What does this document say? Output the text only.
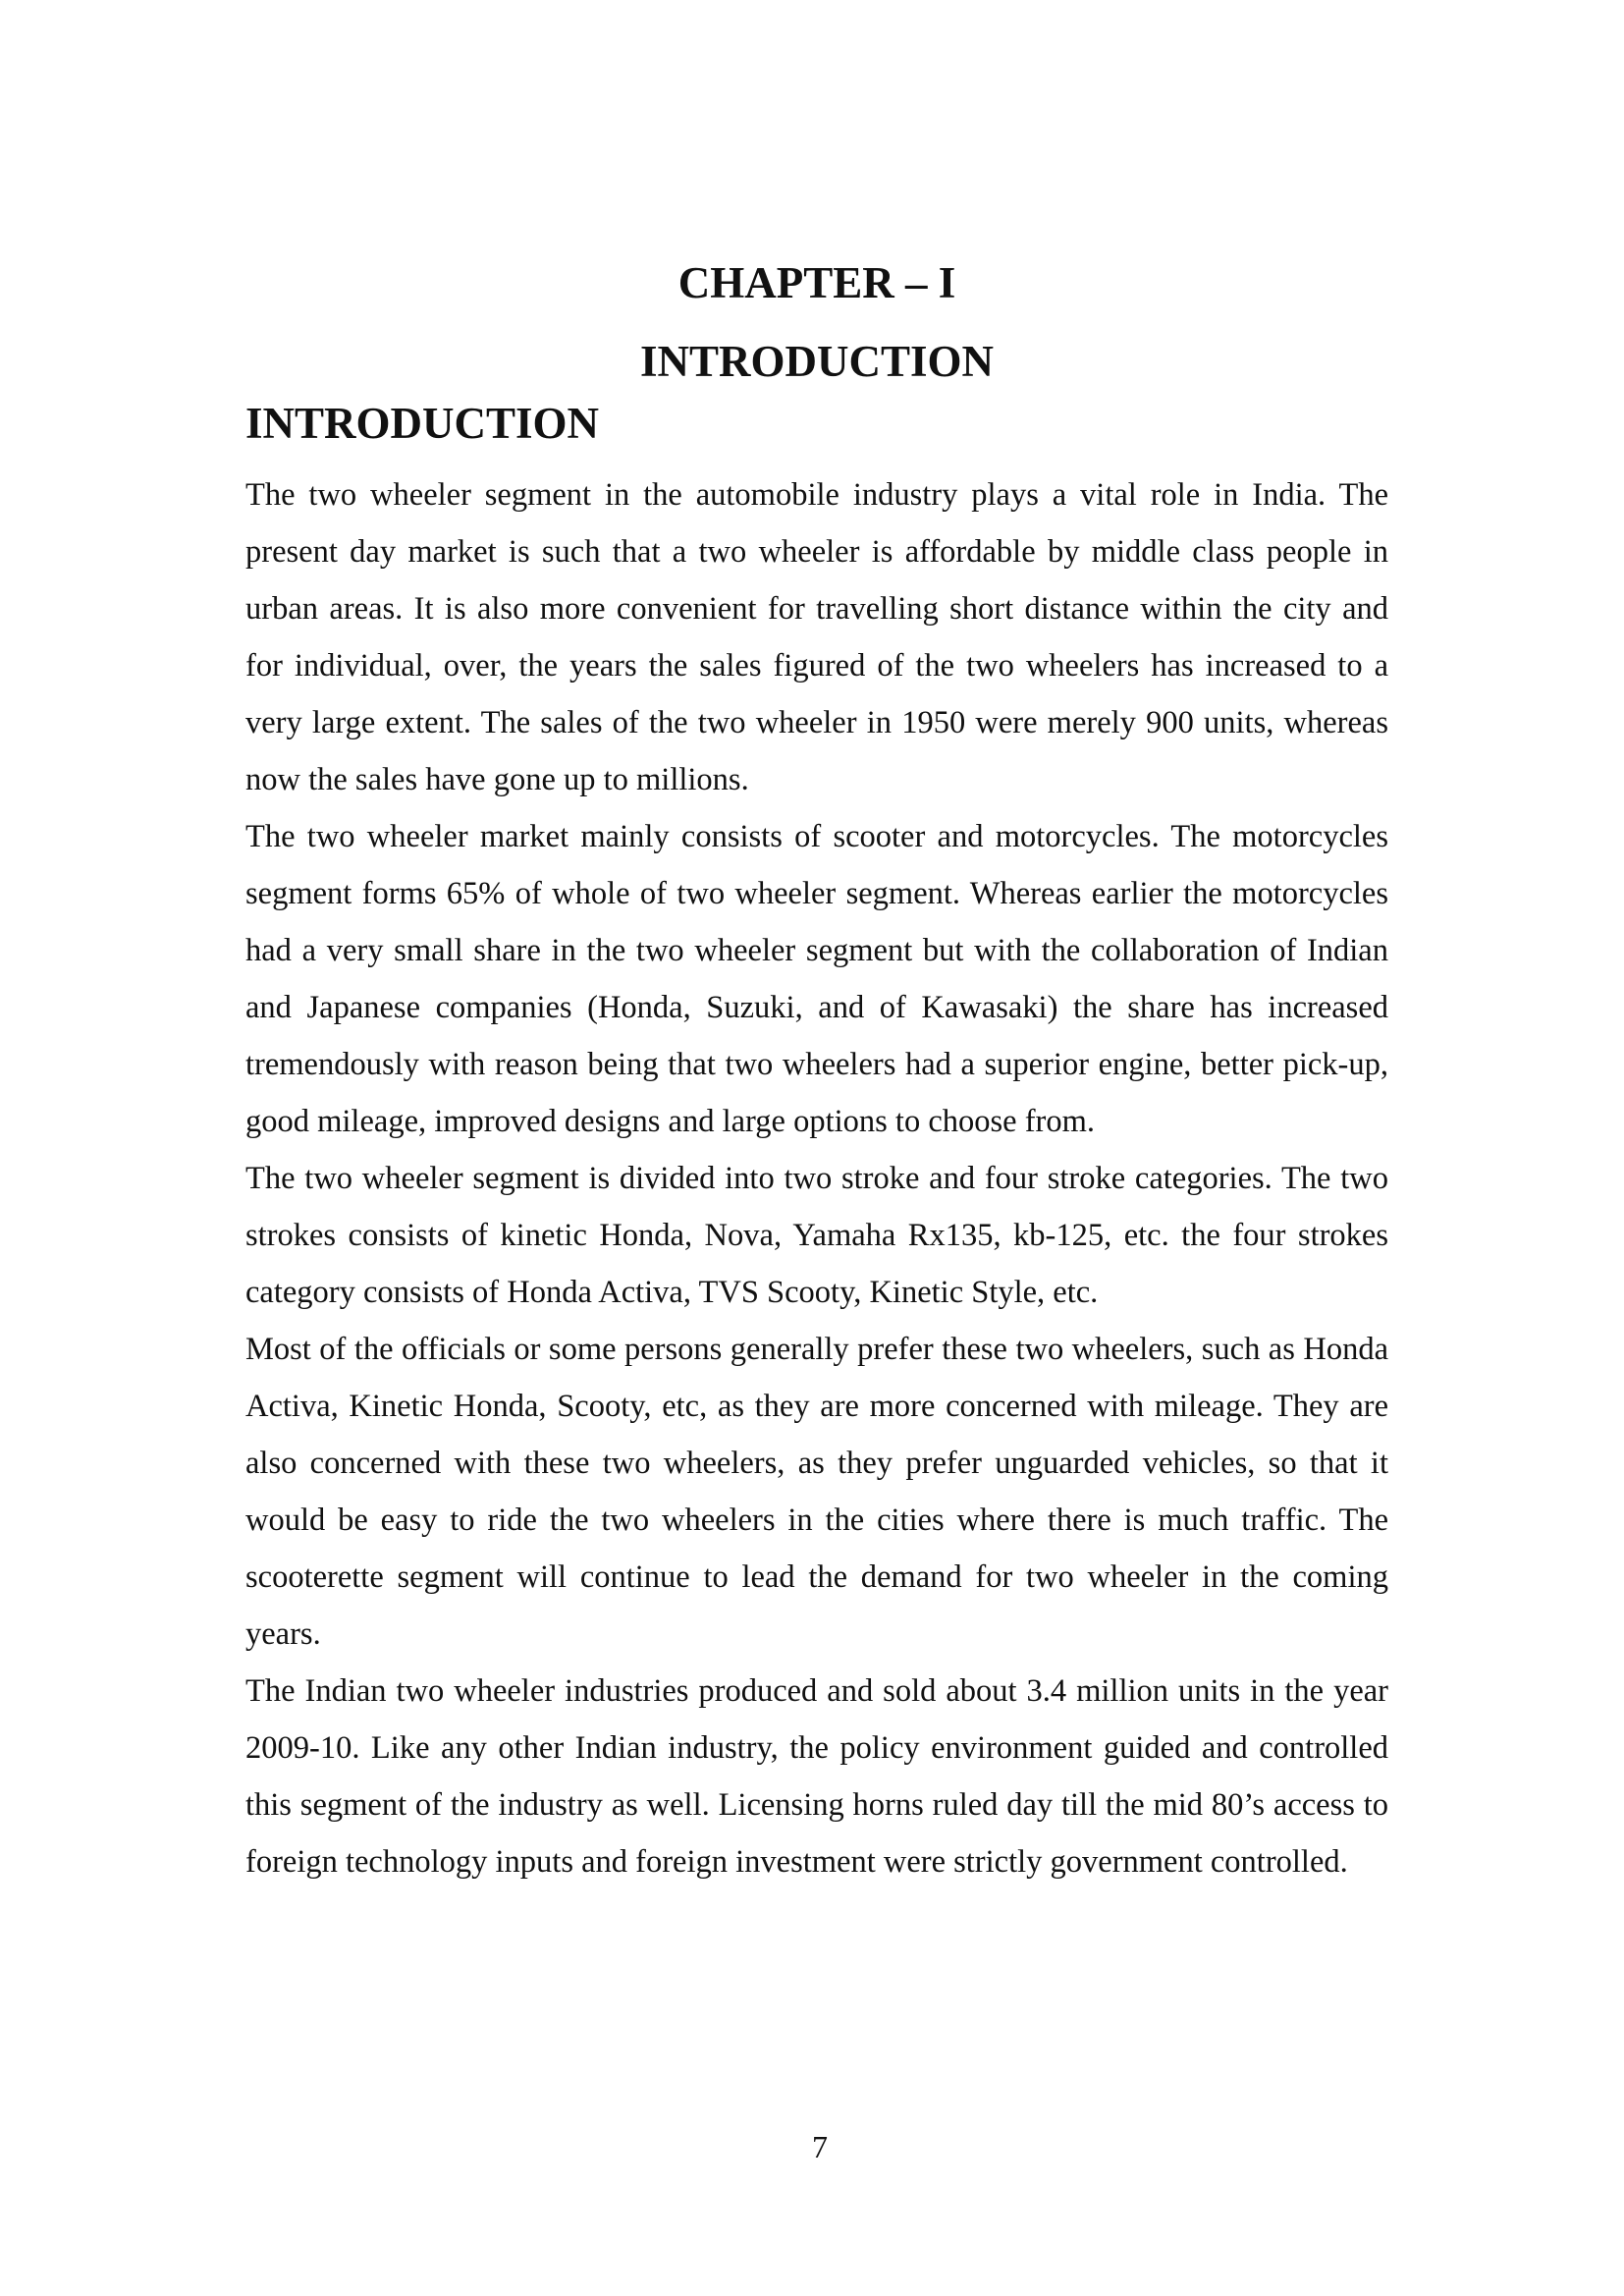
CHAPTER – I
INTRODUCTION
INTRODUCTION

The two wheeler segment in the automobile industry plays a vital role in India. The present day market is such that a two wheeler is affordable by middle class people in urban areas. It is also more convenient for travelling short distance within the city and for individual, over, the years the sales figured of the two wheelers has increased to a very large extent. The sales of the two wheeler in 1950 were merely 900 units, whereas now the sales have gone up to millions.

The two wheeler market mainly consists of scooter and motorcycles. The motorcycles segment forms 65% of whole of two wheeler segment. Whereas earlier the motorcycles had a very small share in the two wheeler segment but with the collaboration of Indian and Japanese companies (Honda, Suzuki, and of Kawasaki) the share has increased tremendously with reason being that two wheelers had a superior engine, better pick-up, good mileage, improved designs and large options to choose from.

The two wheeler segment is divided into two stroke and four stroke categories. The two strokes consists of kinetic Honda, Nova, Yamaha Rx135, kb-125, etc. the four strokes category consists of Honda Activa, TVS Scooty, Kinetic Style, etc.

Most of the officials or some persons generally prefer these two wheelers, such as Honda Activa, Kinetic Honda, Scooty, etc, as they are more concerned with mileage. They are also concerned with these two wheelers, as they prefer unguarded vehicles, so that it would be easy to ride the two wheelers in the cities where there is much traffic. The scooterette segment will continue to lead the demand for two wheeler in the coming years.

The Indian two wheeler industries produced and sold about 3.4 million units in the year 2009-10. Like any other Indian industry, the policy environment guided and controlled this segment of the industry as well. Licensing horns ruled day till the mid 80’s access to foreign technology inputs and foreign investment were strictly government controlled.

7
